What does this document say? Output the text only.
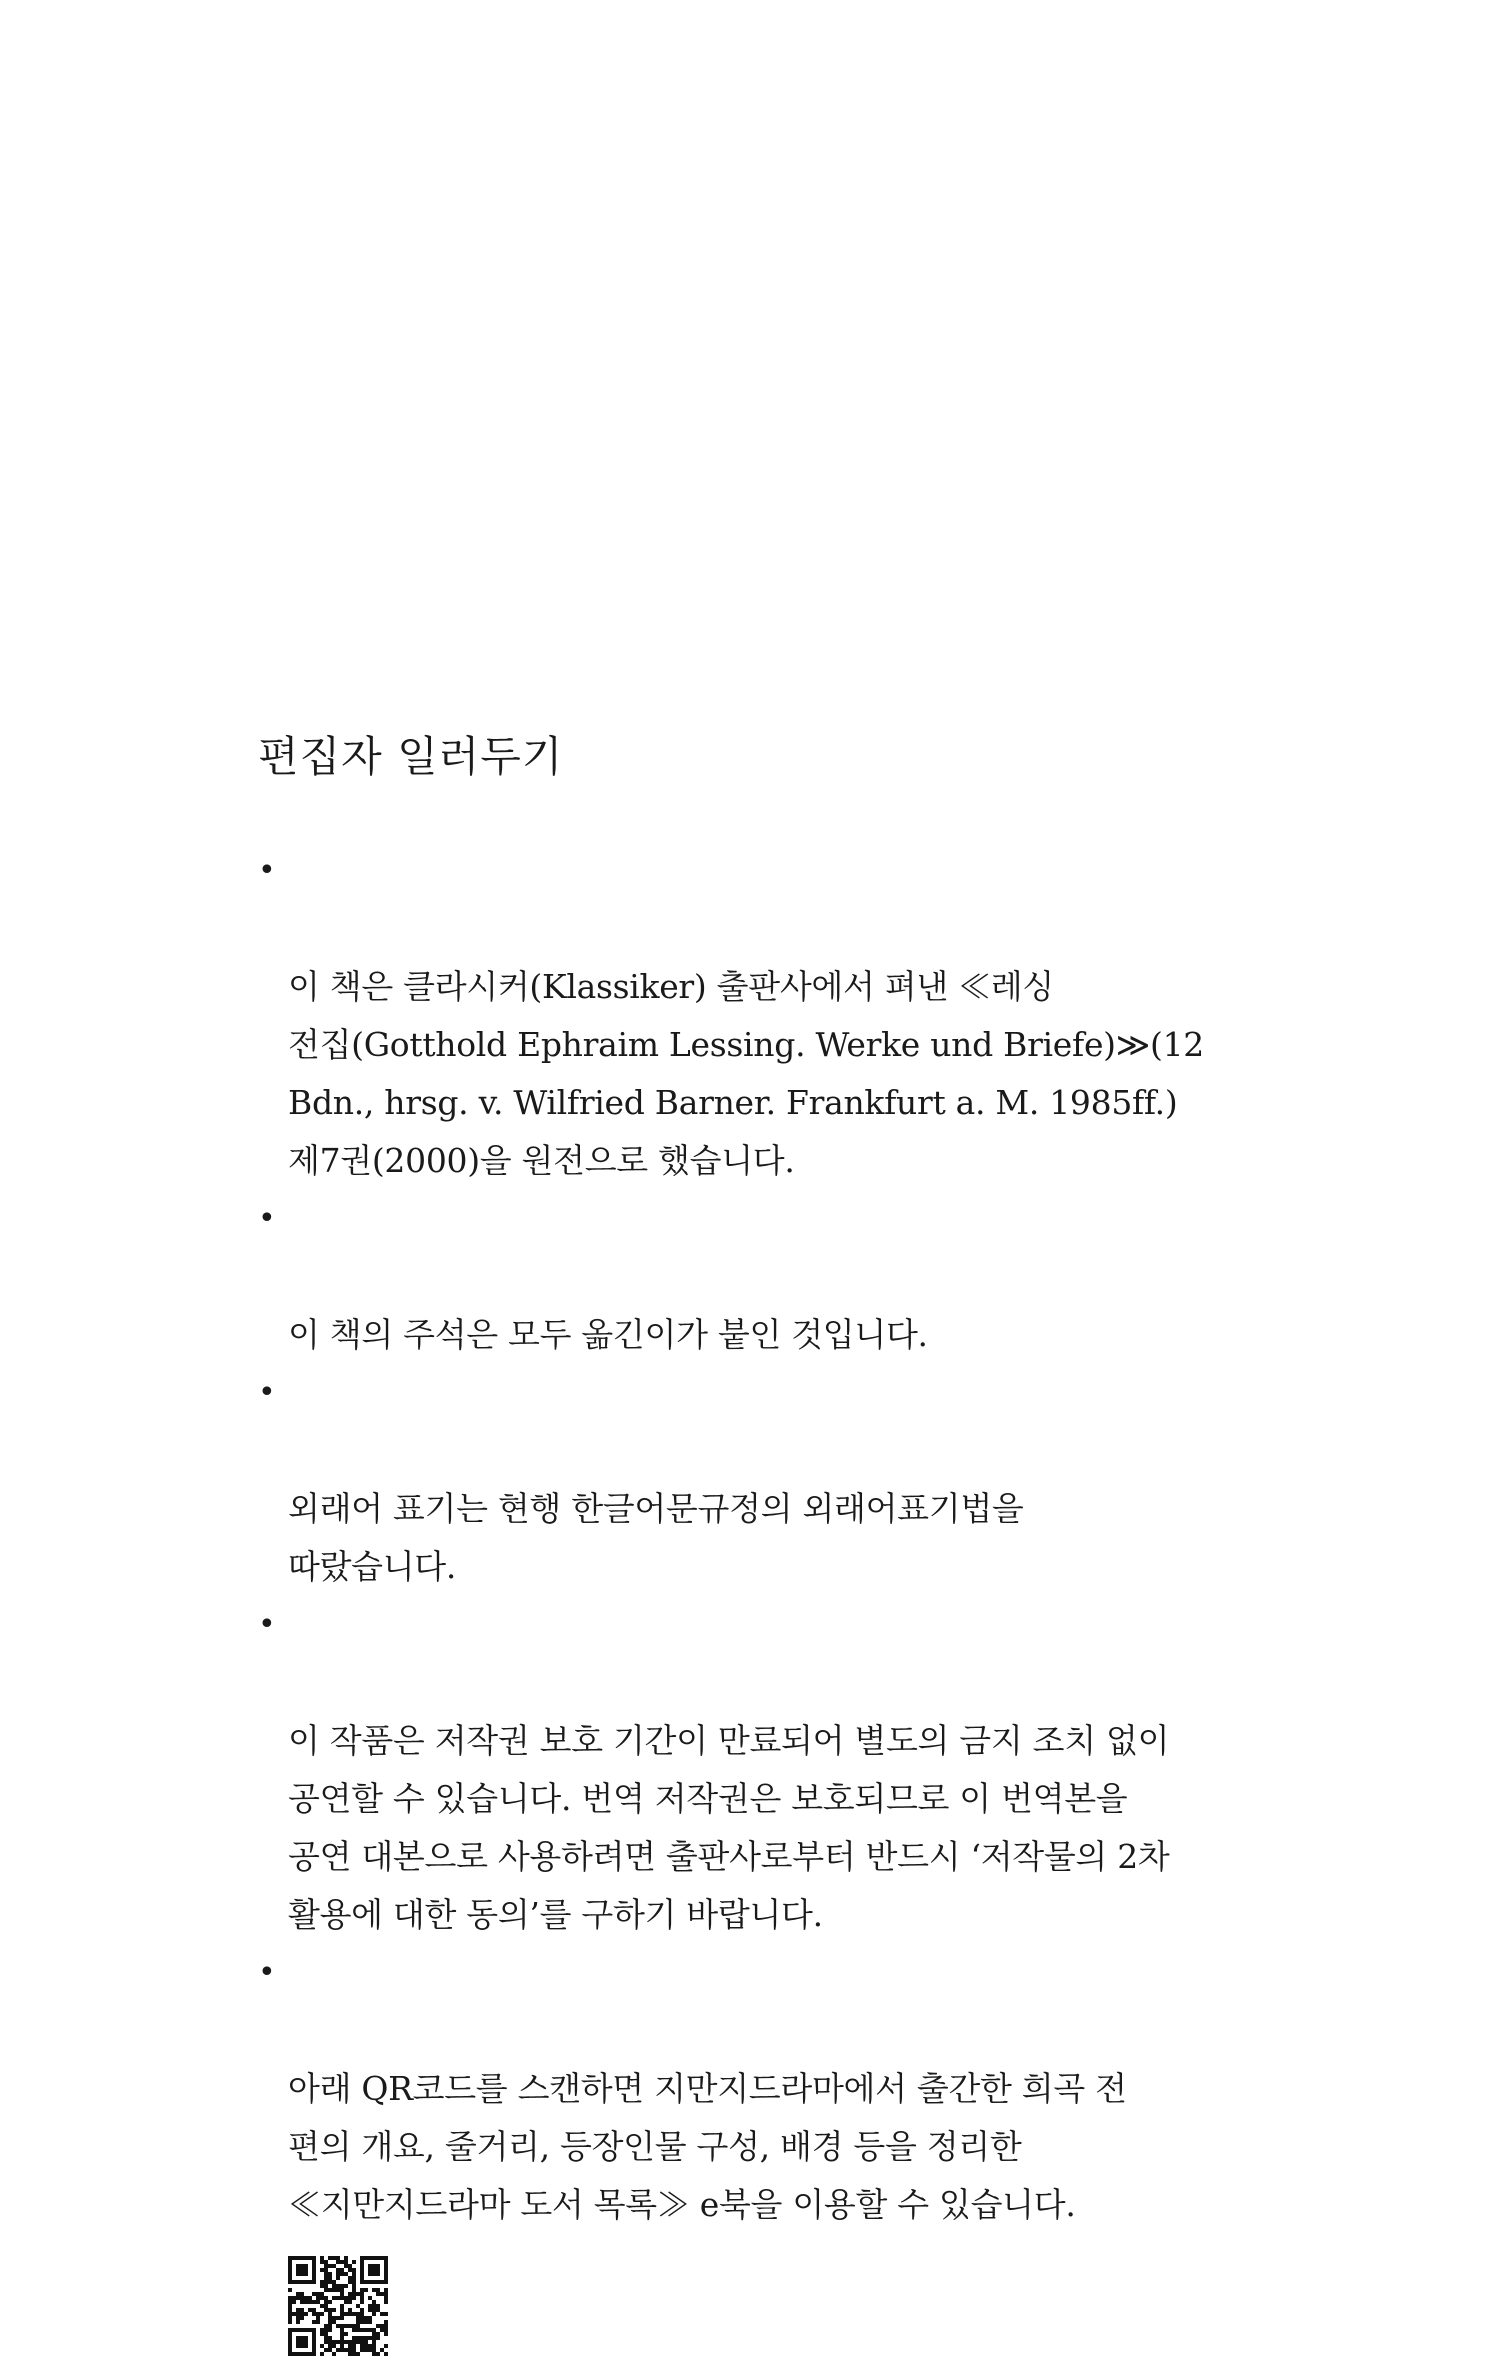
편집자 일러두기

•

이 책은 클라시커(Klassiker) 출판사에서 펴낸 ≪레싱
전집(Gotthold Ephraim Lessing. Werke und Briefe)≫(12
Bdn., hrsg. v. Wilfried Barner. Frankfurt a. M. 1985ff.)
제7권(2000)을 원전으로 했습니다.

•

이 책의 주석은 모두 옮긴이가 붙인 것입니다.

•

외래어 표기는 현행 한글어문규정의 외래어표기법을
따랐습니다.

•

이 작품은 저작권 보호 기간이 만료되어 별도의 금지 조치 없이
공연할 수 있습니다. 번역 저작권은 보호되므로 이 번역본을
공연 대본으로 사용하려면 출판사로부터 반드시 ‘저작물의 2차
활용에 대한 동의’를 구하기 바랍니다.

•

아래 QR코드를 스캔하면 지만지드라마에서 출간한 희곡 전
편의 개요, 줄거리, 등장인물 구성, 배경 등을 정리한
≪지만지드라마 도서 목록≫ e북을 이용할 수 있습니다.
